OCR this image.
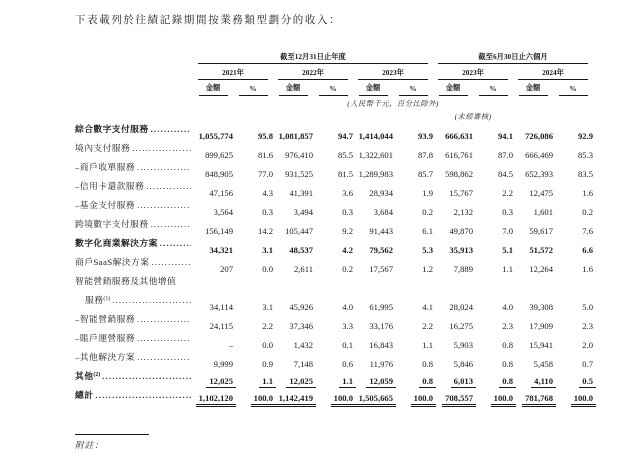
下表載列於往績記錄期間按業務類型劃分的收入：

	截至12月31日止年度						截至6月30日止六個月			

	2021年		2022年		2023年		2023年		2024年	

	金額	%	金額	%	金額	%	金額	%	金額	%
	(人民幣千元，百分比除外)									
							(未經審核)			

綜合數字支付服務
.....
1,055,774	95.8	1,081,857	94.7	1,414,044	93.9	666,631	94.1	726,086	92.9

境內支付服務
.....
899,625	81.6	976,410	85.5	1,322,601	87.8	616,761	87.0	666,469	85.3

–商戶收單服務
.....
848,905	77.0	931,525	81.5	1,289,983	85.7	598,862	84.5	652,393	83.5

–信用卡還款服務
.....
47,156	4.3	41,391	3.6	28,934	1.9	15,767	2.2	12,475	1.6

–基金支付服務
.....
3,564	0.3	3,494	0.3	3,684	0.2	2,132	0.3	1,601	0.2

跨境數字支付服務
.....
156,149	14.2	105,447	9.2	91,443	6.1	49,870	7.0	59,617	7.6

數字化商業解決方案
.....
34,321	3.1	48,537	4.2	79,562	5.3	35,913	5.1	51,572	6.6

商戶SaaS解決方案
.....
207	0.0	2,611	0.2	17,567	1.2	7,889	1.1	12,264	1.6

智能營銷服務及其他增值

服務$^{(1)}$
.....
34,114	3.1	45,926	4.0	61,995	4.1	28,024	4.0	39,308	5.0

–智能營銷服務
.....
24,115	2.2	37,346	3.3	33,176	2.2	16,275	2.3	17,909	2.3

–賬戶運營服務
.....
–	0.0	1,432	0.1	16,843	1.1	5,903	0.8	15,941	2.0

–其他解決方案
.....
9,999	0.9	7,148	0.6	11,976	0.8	5,846	0.8	5,458	0.7

其他$^{(2)}$
.....
12,025	1.1	12,025	1.1	12,059	0.8	6,013	0.8	4,110	0.5

總計 .....	1,102,120	100.0	1,142,419	100.0	1,505,665	100.0	708,557	100.0	781,768	100.0
附註：
